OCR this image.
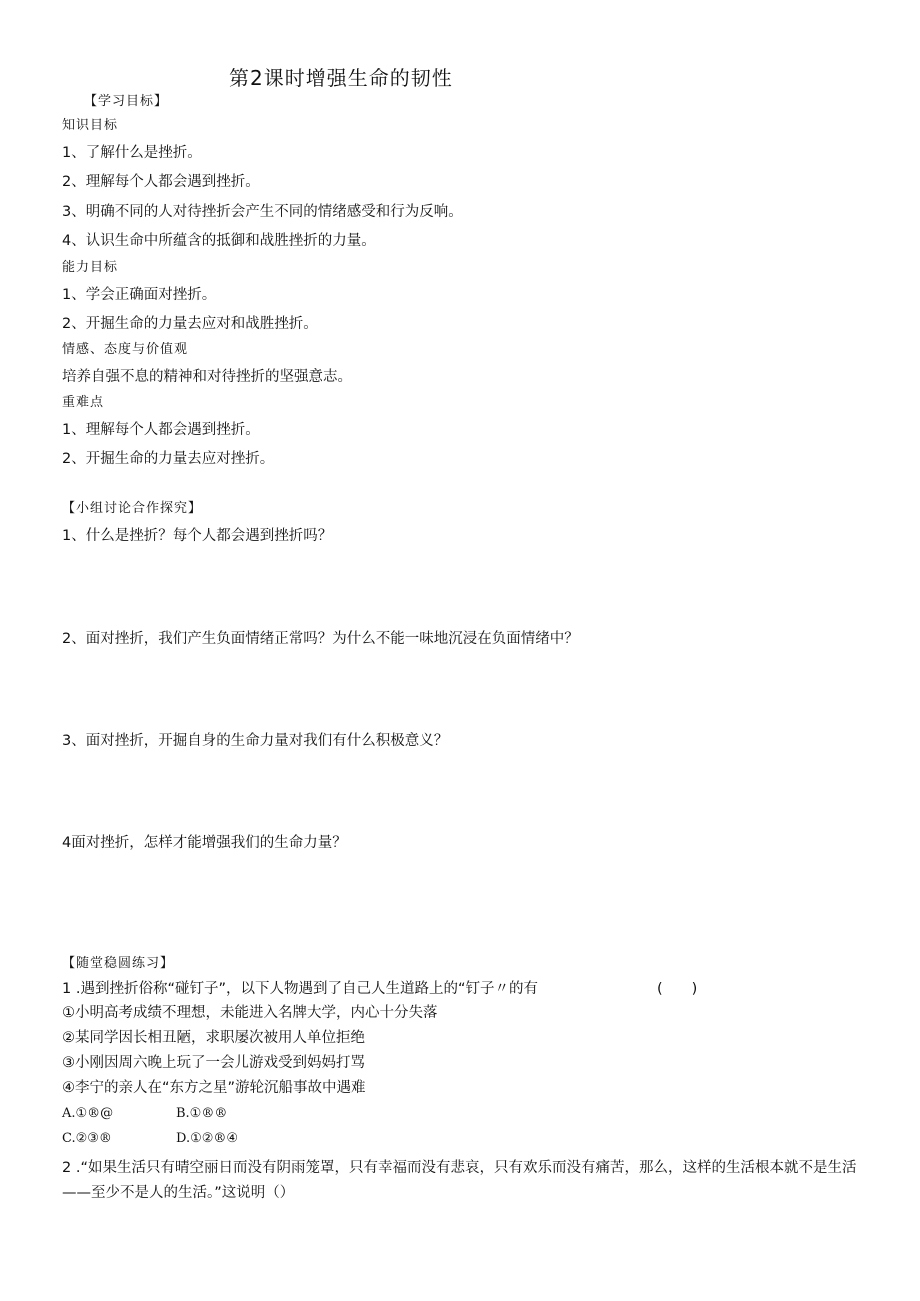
第2课时增强生命的韧性
【学习目标】
知识目标
1、了解什么是挫折。
2、理解每个人都会遇到挫折。
3、明确不同的人对待挫折会产生不同的情绪感受和行为反响。
4、认识生命中所蕴含的抵御和战胜挫折的力量。
能力目标
1、学会正确面对挫折。
2、开掘生命的力量去应对和战胜挫折。
情感、态度与价值观
培养自强不息的精神和对待挫折的坚强意志。
重难点
1、理解每个人都会遇到挫折。
2、开掘生命的力量去应对挫折。
【小组讨论合作探究】
1、什么是挫折？每个人都会遇到挫折吗？
2、面对挫折，我们产生负面情绪正常吗？为什么不能一味地沉浸在负面情绪中？
3、面对挫折，开掘自身的生命力量对我们有什么积极意义？
4面对挫折，怎样才能增强我们的生命力量？
【随堂稳圆练习】
1 .遇到挫折俗称“碰钉子”，以下人物遇到了自己人生道路上的“钉子〃的有	(　　)
①小明高考成绩不理想，未能进入名牌大学，内心十分失落
②某同学因长相丑陋，求职屡次被用人单位拒绝
③小刚因周六晚上玩了一会儿游戏受到妈妈打骂
④李宁的亲人在“东方之星”游轮沉船事故中遇难
A.①®@	B.①®®
C.②③®	D.①②®④
2 .“如果生活只有晴空丽日而没有阴雨笼罩，只有幸福而没有悲哀，只有欢乐而没有痛苦，那么，这样的生活根本就不是生活——至少不是人的生活。”这说明（）
